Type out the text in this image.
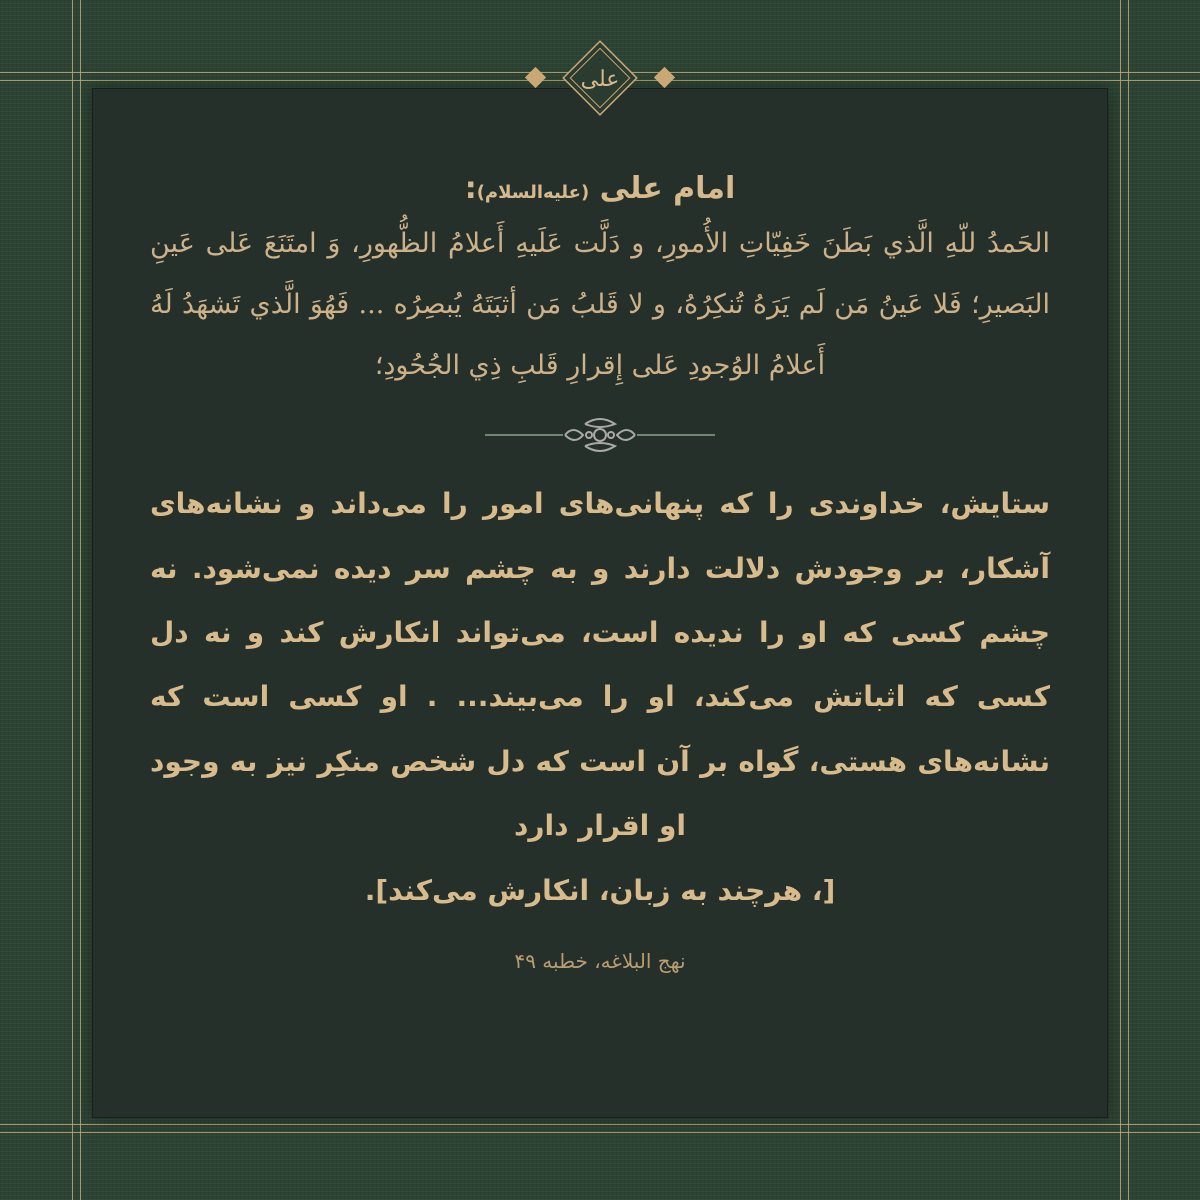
علی
امام علی (علیه‌السلام):
الحَمدُ للّهِ الَّذي بَطَنَ خَفِيّاتِ الأُمورِ، و دَلَّت عَلَيهِ أَعلامُ الظُّهورِ، وَ امتَنَعَ عَلى عَينِ البَصيرِ؛ فَلا عَينُ مَن لَم يَرَهُ تُنكِرُهُ، و لا قَلبُ مَن أثبَتَهُ يُبصِرُه ... فَهُوَ الَّذي تَشهَدُ لَهُ أَعلامُ الوُجودِ عَلى إِقرارِ قَلبِ ذِي الجُحُودِ؛
ستایش، خداوندی را که پنهانی‌های امور را می‌داند و نشانه‌های آشکار، بر وجودش دلالت دارند و به چشم سر دیده نمی‌شود. نه چشم کسی که او را ندیده است، می‌تواند انکارش کند و نه دل کسی که اثباتش می‌کند، او را می‌بیند... . او کسی است که نشانه‌های هستی، گواه بر آن است که دل شخص منکِر نیز به وجود او اقرار دارد
[، هرچند به زبان، انکارش می‌کند].
نهج البلاغه، خطبه ۴۹
